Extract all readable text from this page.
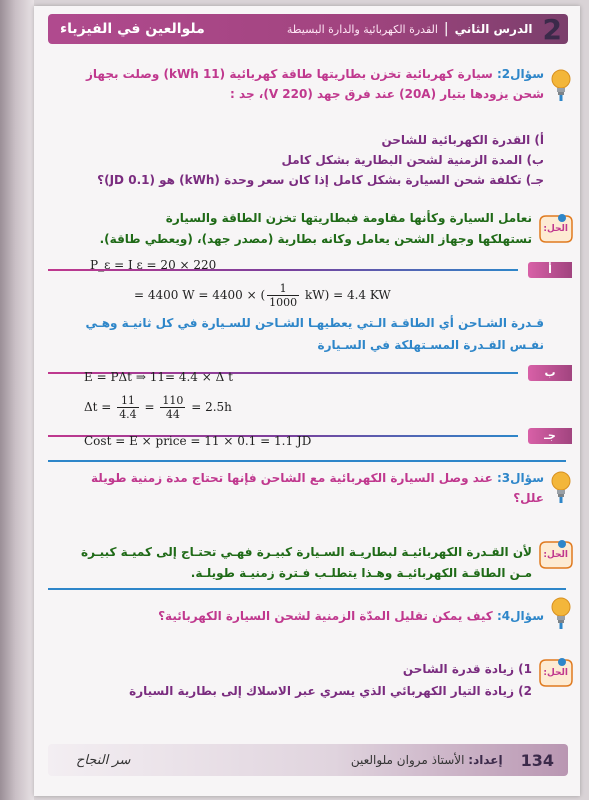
2
الدرس الثاني
|
القدرة الكهربائية والدارة البسيطة
ملوالعين في الفيزياء
سؤال2: سيارة كهربائية تخزن بطاريتها طاقة كهربائية (11 kWh) وصلت بجهاز
شحن يزودها بتيار (20A) عند فرق جهد (V 220)، جد :
أ) القدرة الكهربائية للشاحن
ب) المدة الزمنية لشحن البطارية بشكل كامل
جـ) تكلفة شحن السيارة بشكل كامل إذا كان سعر وحدة (kWh) هو (0.1 JD)؟
الحل:
نعامل السيارة وكأنها مقاومة فبطاريتها تخزن الطاقة والسيارة
تستهلكها وجهاز الشحن يعامل وكانه بطارية (مصدر جهد)، (ويعطي طاقة).
أ
P_ε = I ε = 20 × 220
= 4400 W = 4400 × ( $\frac{1}{1000} kW) = 4.4$ KW
قـدرة الشـاحن أي الطاقـة الـتي يعطيهـا الشـاحن للسـيارة في كل ثانيـة وهـي
نفـس القـدرة المسـتهلكة في السـيارة
ب
E = PΔt ⇒ 11= 4.4 × Δ t
$\Delta t = \frac{11}{4.4} = \frac{110}{44} = 2.5h$
جـ
Cost = E × price = 11 × 0.1 = 1.1 JD
سؤال3: عند وصل السيارة الكهربائية مع الشاحن فإنها تحتاج مدة زمنية طويلة
علل؟
الحل:
لأن القـدرة الكهربائيـة لبطاريـة السـيارة كبيـرة فهـي تحتـاج إلى كميـة كبيـرة
مـن الطاقـة الكهربائيـة وهـذا يتطلـب فـترة زمنيـة طويلـة.
سؤال4: كيف يمكن تقليل المدّة الزمنية لشحن السيارة الكهربائية؟
الحل:
1) زيادة قدرة الشاحن
2) زيادة التيار الكهربائي الذي يسري عبر الاسلاك إلى بطارية السيارة
134
إعداد: الأستاذ مروان ملوالعين
سر النجاح
